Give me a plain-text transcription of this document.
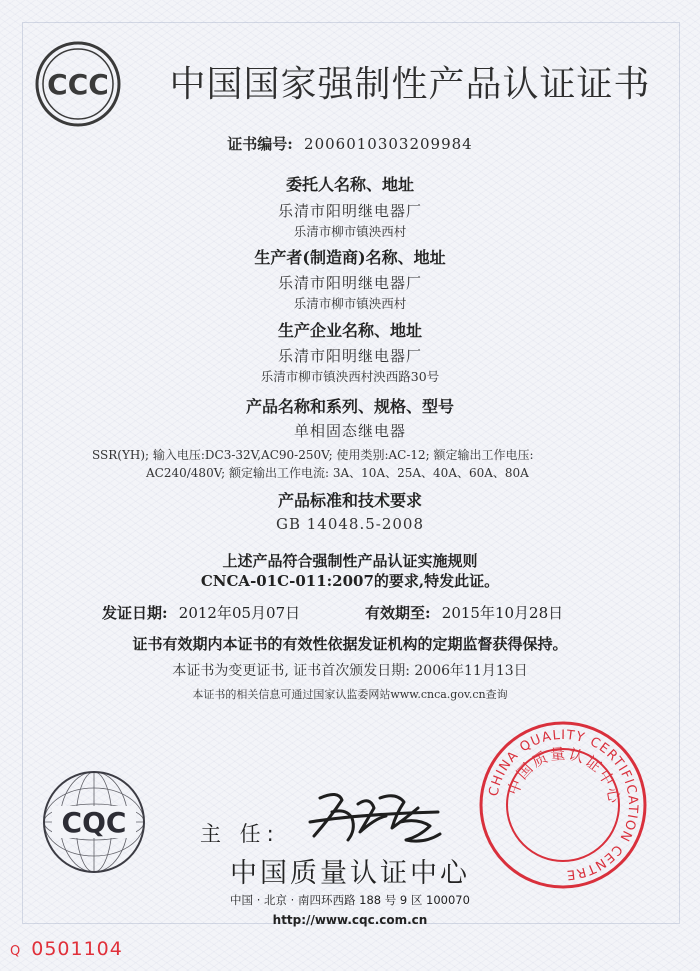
CCC	中国国家强制性产品认证证书
证书编号: 2006010303209984
委托人名称、地址
乐清市阳明继电器厂
乐清市柳市镇泱西村
生产者(制造商)名称、地址
乐清市阳明继电器厂
乐清市柳市镇泱西村
生产企业名称、地址
乐清市阳明继电器厂
乐清市柳市镇泱西村泱西路30号
产品名称和系列、规格、型号
单相固态继电器
SSR(YH); 输入电压:DC3-32V,AC90-250V; 使用类别:AC-12; 额定输出工作电压:
AC240/480V; 额定输出工作电流: 3A、10A、25A、40A、60A、80A
产品标准和技术要求
GB 14048.5-2008
上述产品符合强制性产品认证实施规则
CNCA-01C-011:2007的要求,特发此证。
发证日期: 2012年05月07日	有效期至: 2015年10月28日
证书有效期内本证书的有效性依据发证机构的定期监督获得保持。
本证书为变更证书, 证书首次颁发日期: 2006年11月13日
本证书的相关信息可通过国家认监委网站www.cnca.gov.cn查询
CQC	主 任:
中国质量认证中心
中国 · 北京 · 南四环西路 188 号 9 区 100070
http://www.cqc.com.cn
CHINA QUALITY CERTIFICATION CENTRE
中国质量认证中心
Q 0501104
